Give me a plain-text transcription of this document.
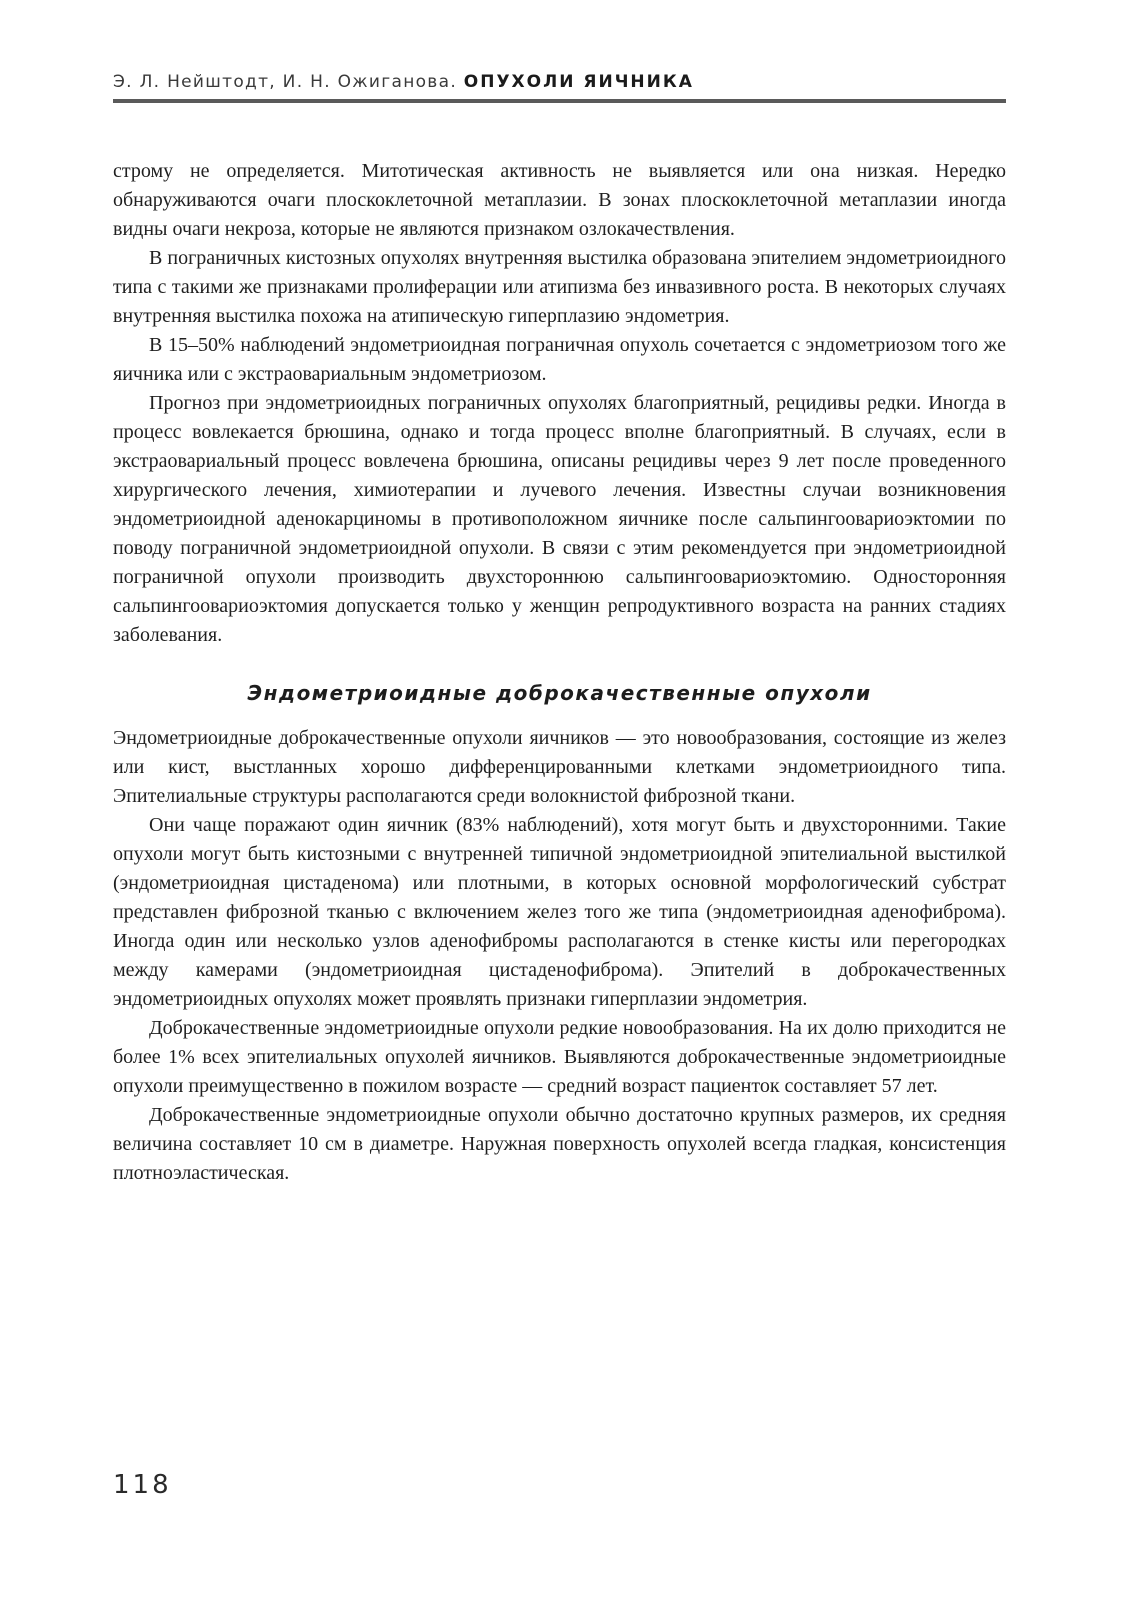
Э. Л. Нейштодт, И. Н. Ожиганова. ОПУХОЛИ ЯИЧНИКА

строму не определяется. Митотическая активность не выявляется или она низкая. Нередко обнаруживаются очаги плоскоклеточной метаплазии. В зонах плоскоклеточной метаплазии иногда видны очаги некроза, которые не являются признаком озлокачествления.

В пограничных кистозных опухолях внутренняя выстилка образована эпителием эндометриоидного типа с такими же признаками пролиферации или атипизма без инвазивного роста. В некоторых случаях внутренняя выстилка похожа на атипическую гиперплазию эндометрия.

В 15–50% наблюдений эндометриоидная пограничная опухоль сочетается с эндометриозом того же яичника или с экстраовариальным эндометриозом.

Прогноз при эндометриоидных пограничных опухолях благоприятный, рецидивы редки. Иногда в процесс вовлекается брюшина, однако и тогда процесс вполне благоприятный. В случаях, если в экстраовариальный процесс вовлечена брюшина, описаны рецидивы через 9 лет после проведенного хирургического лечения, химиотерапии и лучевого лечения. Известны случаи возникновения эндометриоидной аденокарциномы в противоположном яичнике после сальпингоовариоэктомии по поводу пограничной эндометриоидной опухоли. В связи с этим рекомендуется при эндометриоидной пограничной опухоли производить двухстороннюю сальпингоовариоэктомию. Односторонняя сальпингоовариоэктомия допускается только у женщин репродуктивного возраста на ранних стадиях заболевания.

Эндометриоидные доброкачественные опухоли

Эндометриоидные доброкачественные опухоли яичников — это новообразования, состоящие из желез или кист, выстланных хорошо дифференцированными клетками эндометриоидного типа. Эпителиальные структуры располагаются среди волокнистой фиброзной ткани.

Они чаще поражают один яичник (83% наблюдений), хотя могут быть и двухсторонними. Такие опухоли могут быть кистозными с внутренней типичной эндометриоидной эпителиальной выстилкой (эндометриоидная цистаденома) или плотными, в которых основной морфологический субстрат представлен фиброзной тканью с включением желез того же типа (эндометриоидная аденофиброма). Иногда один или несколько узлов аденофибромы располагаются в стенке кисты или перегородках между камерами (эндометриоидная цистаденофиброма). Эпителий в доброкачественных эндометриоидных опухолях может проявлять признаки гиперплазии эндометрия.

Доброкачественные эндометриоидные опухоли редкие новообразования. На их долю приходится не более 1% всех эпителиальных опухолей яичников. Выявляются доброкачественные эндометриоидные опухоли преимущественно в пожилом возрасте — средний возраст пациенток составляет 57 лет.

Доброкачественные эндометриоидные опухоли обычно достаточно крупных размеров, их средняя величина составляет 10 см в диаметре. Наружная поверхность опухолей всегда гладкая, консистенция плотноэластическая.

118
